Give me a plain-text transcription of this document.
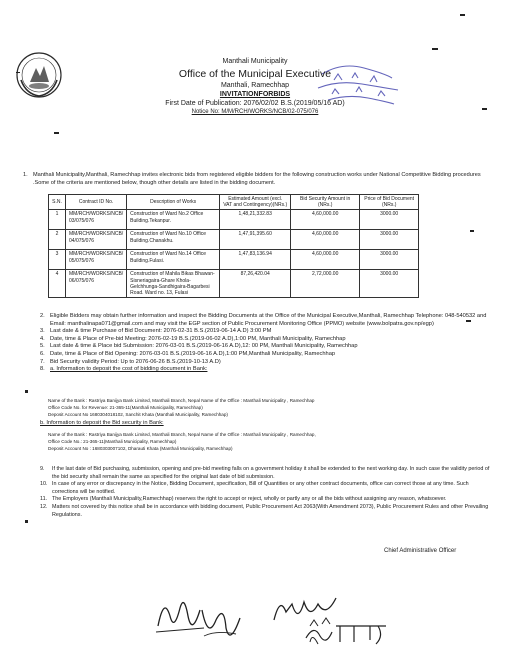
Manthali Municipality
Office of the Municipal Executive
Manthali, Ramechhap
INVITATIONFORBIDS
First Date of Publication: 2076/02/02 B.S.(2019/05/16 AD)
Notice No: M/M/RCH/WORKS/NCB/02-075/076
1. Manthali Municipality,Manthali, Ramechhap invites electronic bids from registered eligible bidders for the following construction works under National Competitive Bidding procedures .Some of the criteria are mentioned below, though other details are listed in the bidding document.
S.N.	Contract ID No.	Description of Works	Estimated Amount (excl. VAT and Contingency)(NRs.)	Bid Security Amount in (NRs.)	Price of Bid Document (NRs.)
1	MM/RCH/WORKS/NCB/ 03/075/076	Construction of Ward No.2 Office Building.Tekanpur.	1,48,21,332.83	4,60,000.00	3000.00
2	MM/RCH/WORKS/NCB/ 04/075/076	Construction of Ward No.10 Office Building.Chanakhu.	1,47,91,395.60	4,60,000.00	3000.00
3	MM/RCH/WORKS/NCB/ 05/075/076	Construction of Ward No.14 Office Building.Fulasi.	1,47,83,136.94	4,60,000.00	3000.00
4	MM/RCH/WORKS/NCB/ 06/075/076	Construction of Mahila Bikas Bhawan-Sisneriagaira-Ghare Khola-Gelchhunga-Sandhigaira-Bagarbesi Road. Ward no. 13, Fulasi	87,26,420.04	2,72,000.00	3000.00
2. Eligible Bidders may obtain further information and inspect the Bidding Documents at the Office of the Municipal Executive,Manthali, Ramechhap Telephone: 048-540532 and Email: manthalinapa071@gmail.com and may visit the EGP section of Public Procurement Monitoring Office (PPMO) website (www.bolpatra.gov.np/egp)
3. Last date & time Purchase of Bid Document: 2076-02-31 B.S.(2019-06-14 A.D) 3:00 PM
4. Date, time & Place of Pre-bid Meeting: 2076-02-19 B.S.(2019-06-02 A.D),1:00 PM, Manthali Municipality, Ramechhap
5. Last date & time & Place bid Submission: 2076-03-01 B.S.(2019-06-16 A.D),12: 00 PM, Manthali Municipality, Ramechhap
6. Date, time & Place of Bid Opening: 2076-03-01 B.S.(2019-06-16 A.D),1:00 PM,Manthali Municipality, Ramechhap
7. Bid Security validity Period: Up to 2076-06-26 B.S.(2019-10-13 A.D)
8. a. Information to deposit the cost of bidding document in Bank:
Name of the Bank : Rastriya Banijya Bank Limited, Manthali Branch, Nepal Name of the Office : Manthali Municipality , Ramechhap
Office Code No. for Revenue: 21-365-11(Manthali Municipality, Ramechhap)
Deposit Account No 1680304018102, Sanchit Khata (Manthali Municipality, Ramechhap)
b. Information to deposit the Bid security in Bank:
Name of the Bank : Rastriya Banijya Bank Limited, Manthali Branch, Nepal Name of the Office : Manthali Municipality , Ramechhap,
Office Code No.: 21-365-11(Manthali Municipality, Ramechhap)
Deposit Account No : 1680303007102, Dharauti Khata (Manthali Municipality, Ramechhap)
9. If the last date of Bid purchasing, submission, opening and pre-bid meeting falls on a government holiday it shall be extended to the next working day. In such case the validity period of the bid security shall remain the same as specified for the original last date of bid submission.
10. In case of any error or discrepancy in the Notice, Bidding Document, specification, Bill of Quantities or any other contract documents, office can correct those at any time. Such corrections will be notified.
11. The Employers (Manthali Municipality,Ramechhap) reserves the right to accept or reject, wholly or partly any or all the bids without assigning any reason, whatsoever.
12. Matters not covered by this notice shall be in accordance with bidding document, Public Procurement Act 2063(With Amendment 2073), Public Procurement Rules and other Prevailing Regulations.
Chief Administrative Officer
